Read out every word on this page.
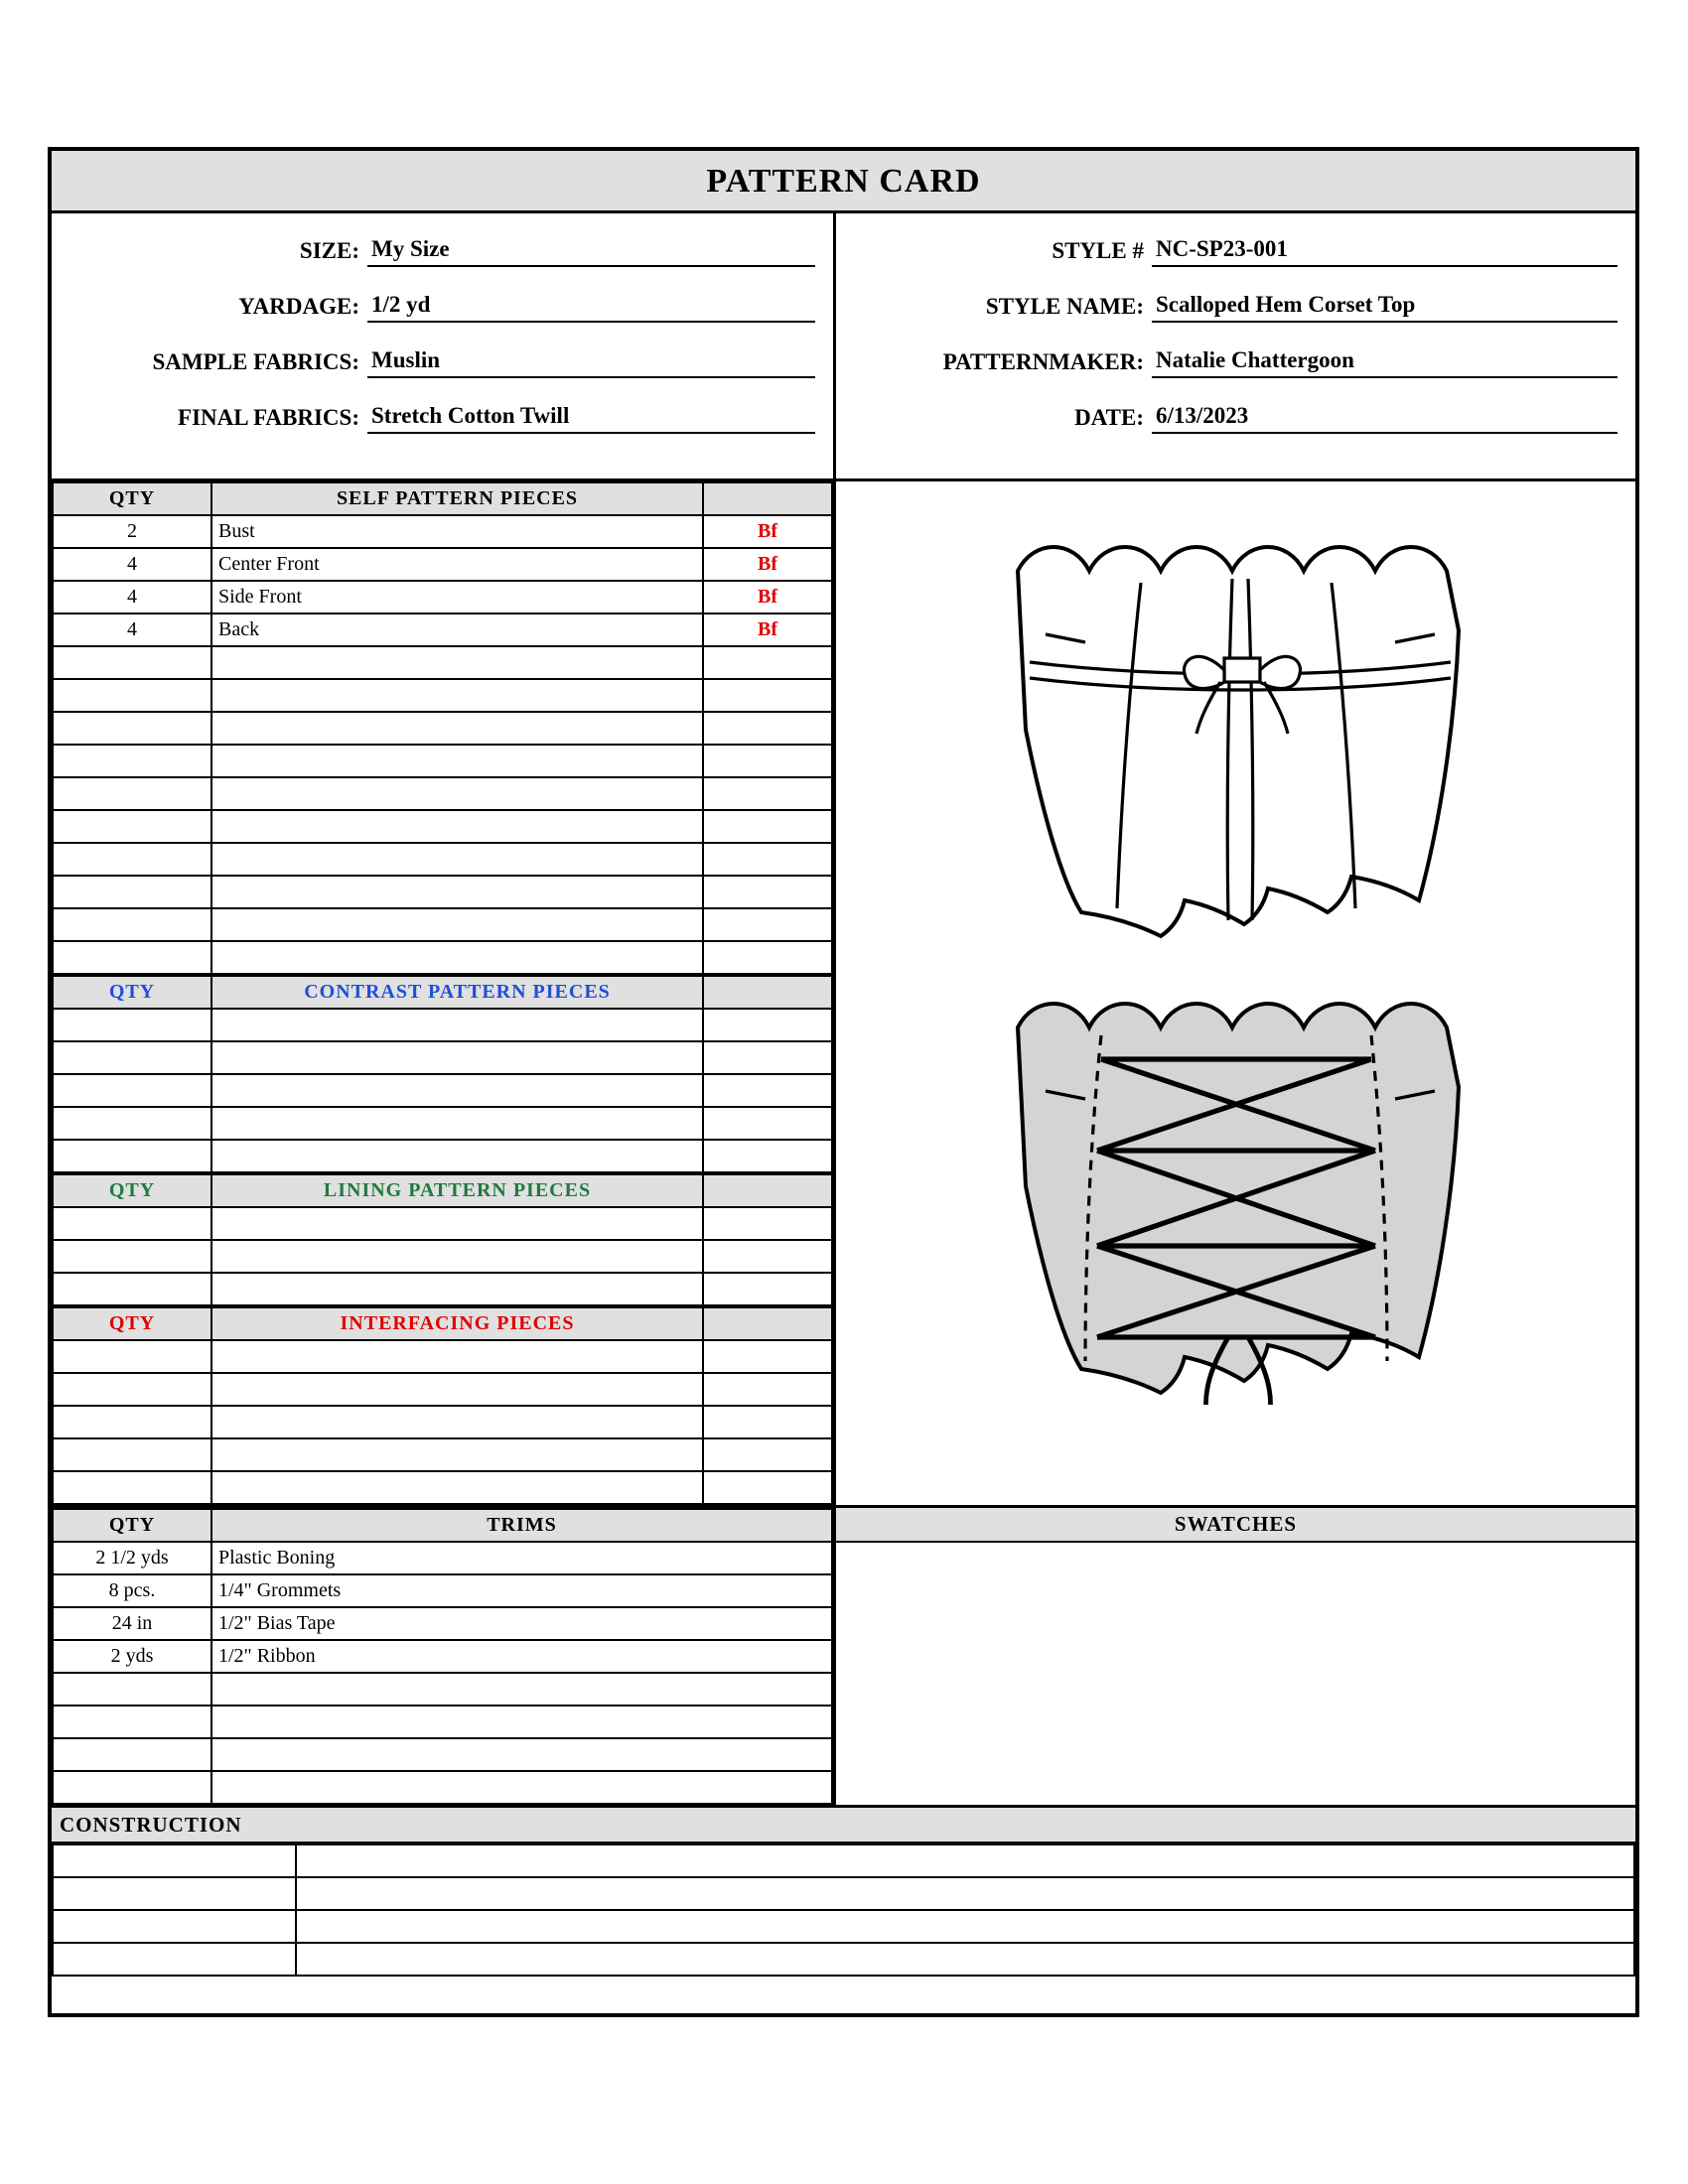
PATTERN CARD
SIZE: My Size
YARDAGE: 1/2 yd
SAMPLE FABRICS: Muslin
FINAL FABRICS: Stretch Cotton Twill
STYLE # NC-SP23-001
STYLE NAME: Scalloped Hem Corset Top
PATTERNMAKER: Natalie Chattergoon
DATE: 6/13/2023
QTY	SELF PATTERN PIECES	
2	Bust	Bf
4	Center Front	Bf
4	Side Front	Bf
4	Back	Bf

QTY	CONTRAST PATTERN PIECES	

QTY	LINING PATTERN PIECES	

QTY	INTERFACING PIECES	

QTY	TRIMS
2 1/2 yds	Plastic Boning
8 pcs.	1/4" Grommets
24 in	1/2" Bias Tape
2 yds	1/2" Ribbon

SWATCHES
CONSTRUCTION
